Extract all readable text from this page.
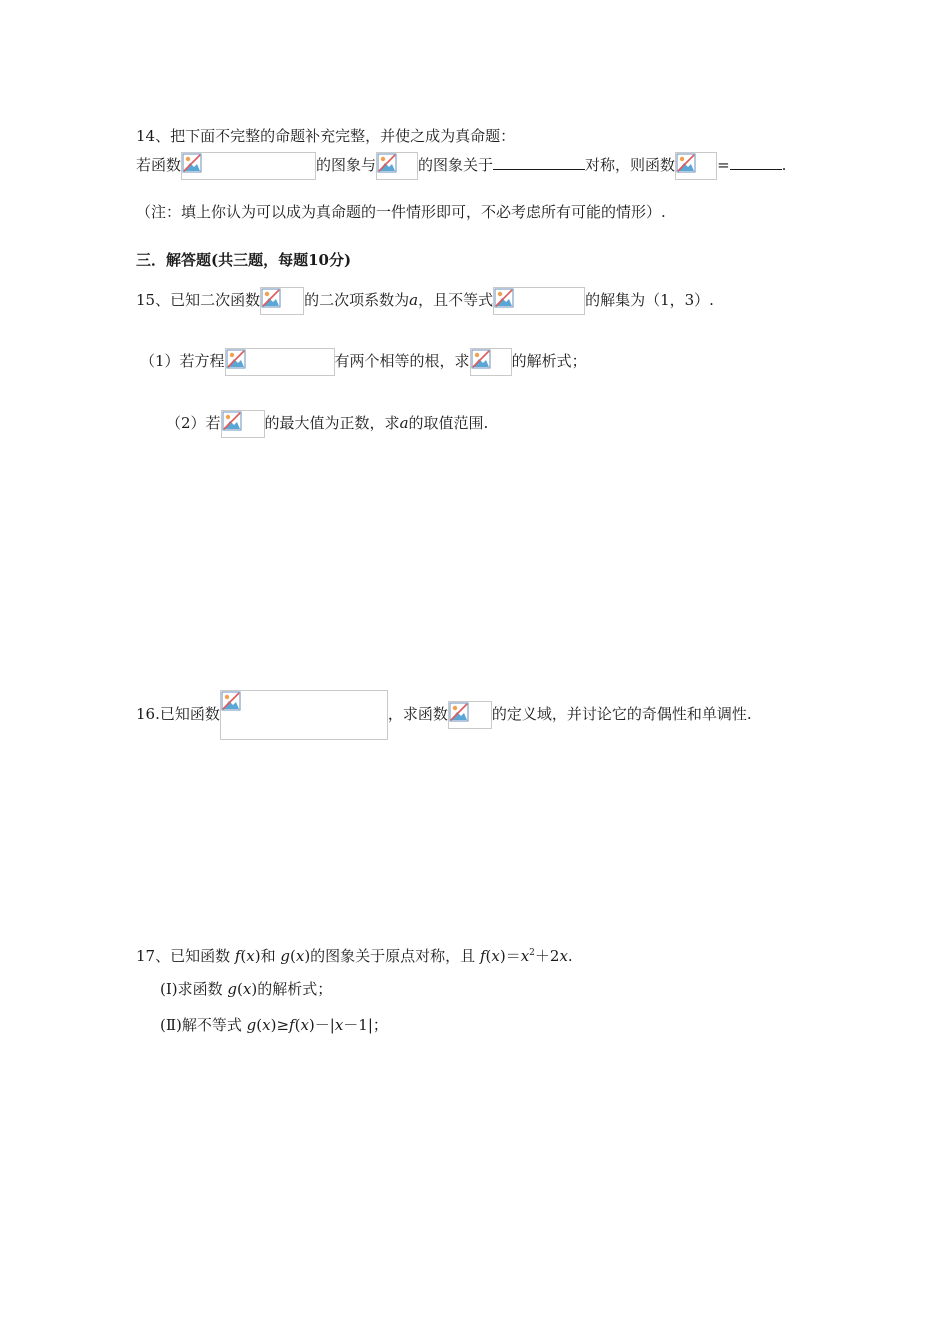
14、把下面不完整的命题补充完整，并使之成为真命题：
若函数	的图象与	的图象关于	对称，则函数	=	.
（注：填上你认为可以成为真命题的一件情形即可，不必考虑所有可能的情形）.
三．解答题(共三题，每题10分)
15、已知二次函数	的二次项系数为a，且不等式	的解集为（1，3）.
（1）若方程	有两个相等的根，求	的解析式；
（2）若	的最大值为正数，求a的取值范围.
16.已知函数	，求函数	的定义域，并讨论它的奇偶性和单调性.
17、已知函数 f(x)和 g(x)的图象关于原点对称，且 $f(x)=x^2+2x$.
(Ⅰ)求函数 g(x)的解析式；
(Ⅱ)解不等式 g(x)≥f(x)－|x－1|；
